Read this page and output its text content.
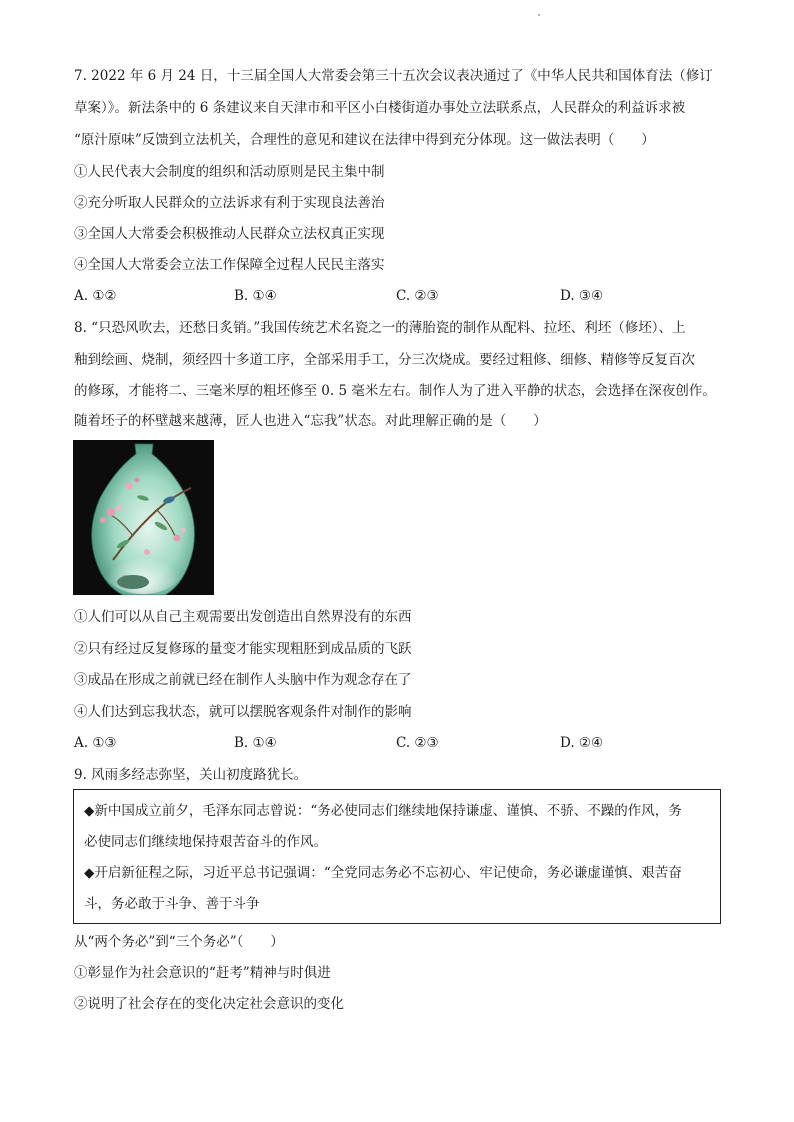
7. 2022 年 6 月 24 日，十三届全国人大常委会第三十五次会议表决通过了《中华人民共和国体育法（修订
草案）》。新法条中的 6 条建议来自天津市和平区小白楼街道办事处立法联系点，人民群众的利益诉求被
“原汁原味”反馈到立法机关，合理性的意见和建议在法律中得到充分体现。这一做法表明（　　）
①人民代表大会制度的组织和活动原则是民主集中制
②充分听取人民群众的立法诉求有利于实现良法善治
③全国人大常委会积极推动人民群众立法权真正实现
④全国人大常委会立法工作保障全过程人民民主落实
A. ①②	B. ①④	C. ②③	D. ③④
8. “只恐风吹去，还愁日炙销。”我国传统艺术名瓷之一的薄胎瓷的制作从配料、拉坯、利坯（修坯）、上
釉到绘画、烧制，须经四十多道工序，全部采用手工，分三次烧成。要经过粗修、细修、精修等反复百次
的修琢，才能将二、三毫米厚的粗坯修至 0. 5 毫米左右。制作人为了进入平静的状态，会选择在深夜创作。
随着坯子的杯壁越来越薄，匠人也进入“忘我”状态。对此理解正确的是（　　）
①人们可以从自己主观需要出发创造出自然界没有的东西
②只有经过反复修琢的量变才能实现粗胚到成品质的飞跃
③成品在形成之前就已经在制作人头脑中作为观念存在了
④人们达到忘我状态，就可以摆脱客观条件对制作的影响
A. ①③	B. ①④	C. ②③	D. ②④
9. 风雨多经志弥坚，关山初度路犹长。
◆新中国成立前夕，毛泽东同志曾说：“务必使同志们继续地保持谦虚、谨慎、不骄、不躁的作风，务
必使同志们继续地保持艰苦奋斗的作风。
◆开启新征程之际，习近平总书记强调：“全党同志务必不忘初心、牢记使命，务必谦虚谨慎、艰苦奋
斗，务必敢于斗争、善于斗争
从“两个务必”到“三个务必”（　　）
①彰显作为社会意识的“赶考”精神与时俱进
②说明了社会存在的变化决定社会意识的变化
